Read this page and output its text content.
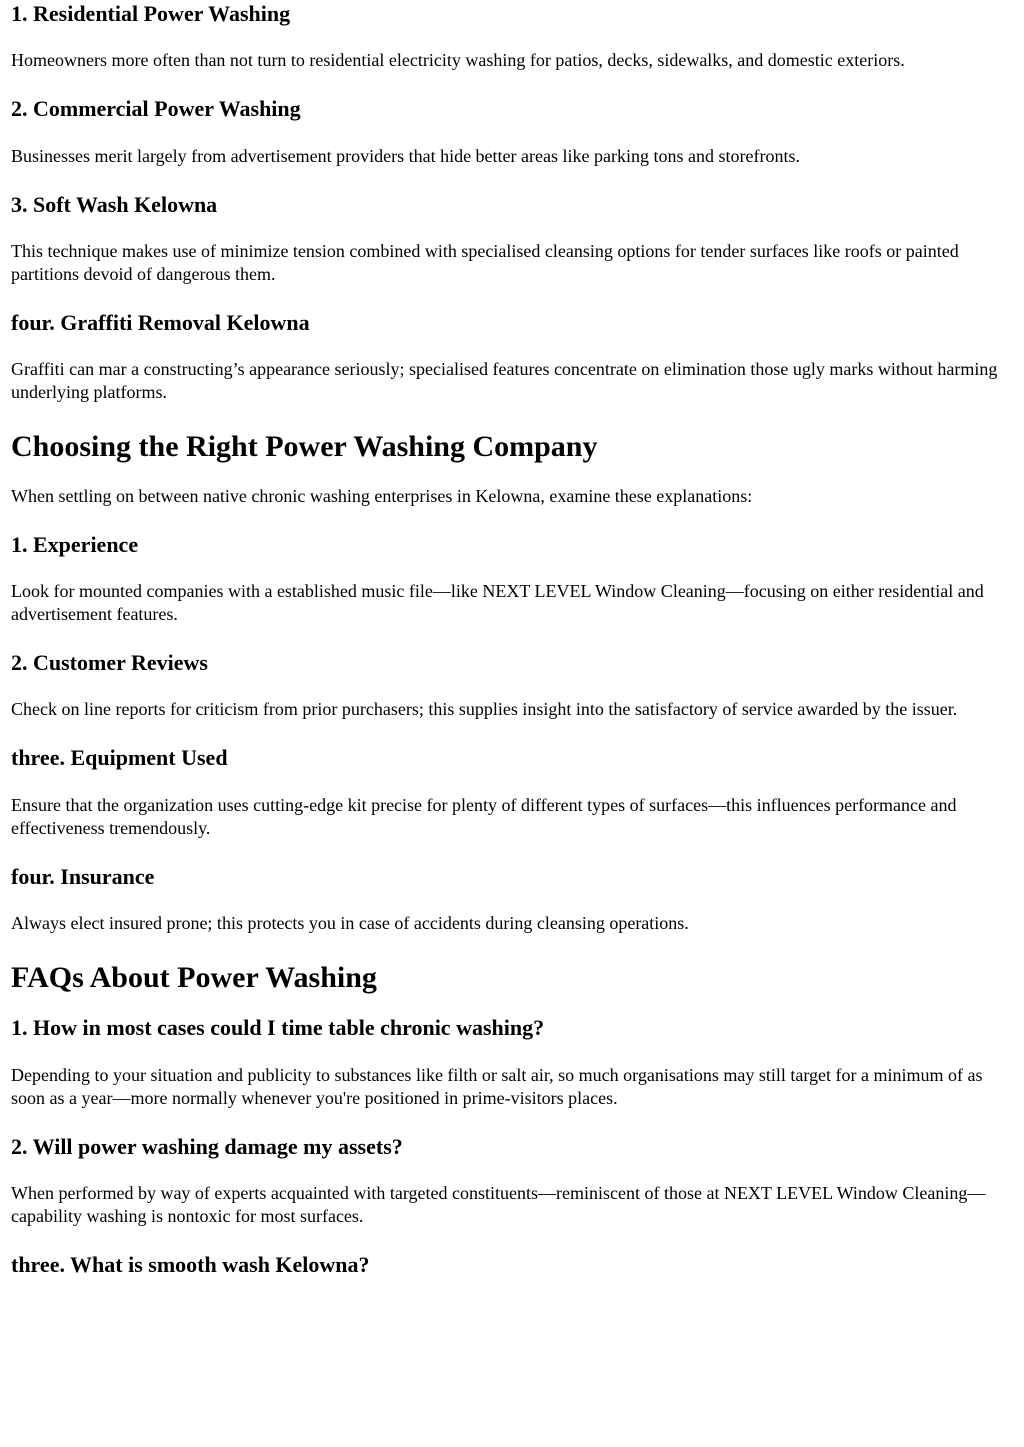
1. Residential Power Washing

Homeowners more often than not turn to residential electricity washing for patios, decks, sidewalks, and domestic exteriors.

2. Commercial Power Washing

Businesses merit largely from advertisement providers that hide better areas like parking tons and storefronts.

3. Soft Wash Kelowna

This technique makes use of minimize tension combined with specialised cleansing options for tender surfaces like roofs or painted partitions devoid of dangerous them.

four. Graffiti Removal Kelowna

Graffiti can mar a constructing’s appearance seriously; specialised features concentrate on elimination those ugly marks without harming underlying platforms.

Choosing the Right Power Washing Company

When settling on between native chronic washing enterprises in Kelowna, examine these explanations:

1. Experience

Look for mounted companies with a established music file—like NEXT LEVEL Window Cleaning—focusing on either residential and advertisement features.

2. Customer Reviews

Check on line reports for criticism from prior purchasers; this supplies insight into the satisfactory of service awarded by the issuer.

three. Equipment Used

Ensure that the organization uses cutting-edge kit precise for plenty of different types of surfaces—this influences performance and effectiveness tremendously.

four. Insurance

Always elect insured prone; this protects you in case of accidents during cleansing operations.

FAQs About Power Washing
1. How in most cases could I time table chronic washing?

Depending to your situation and publicity to substances like filth or salt air, so much organisations may still target for a minimum of as soon as a year—more normally whenever you're positioned in prime-visitors places.

2. Will power washing damage my assets?

When performed by way of experts acquainted with targeted constituents—reminiscent of those at NEXT LEVEL Window Cleaning—capability washing is nontoxic for most surfaces.

three. What is smooth wash Kelowna?
